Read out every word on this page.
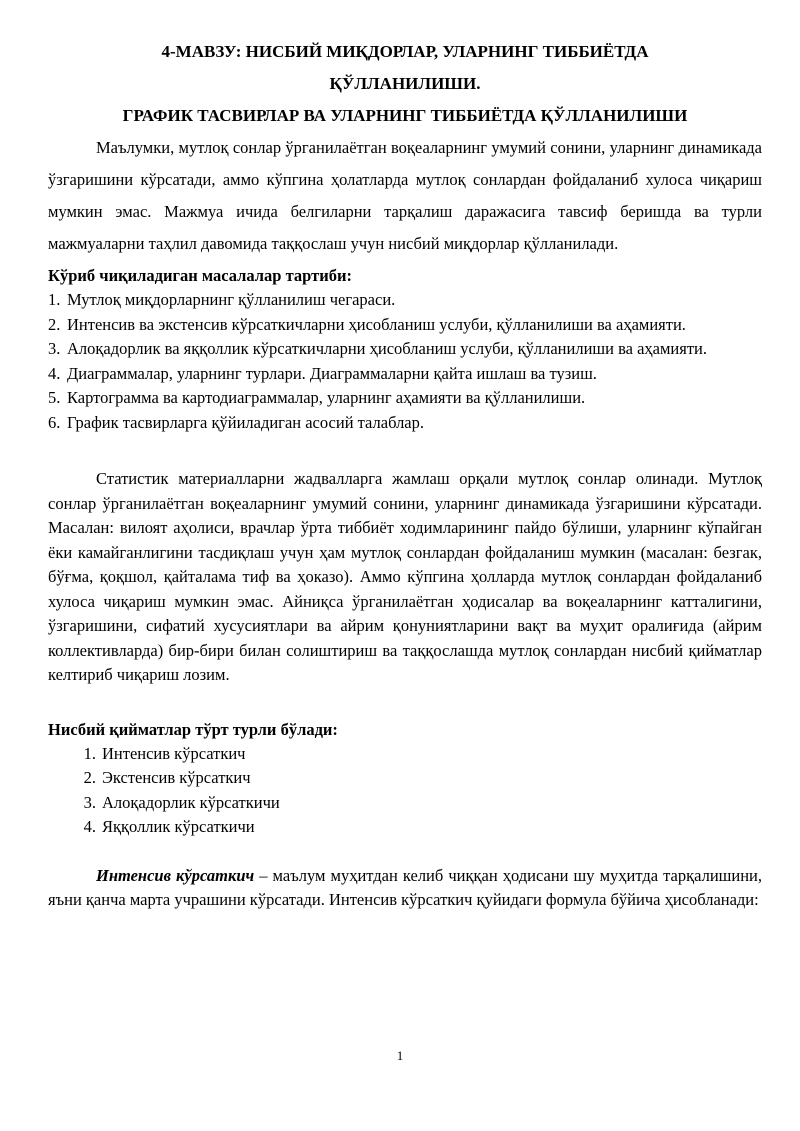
4-МАВЗУ: НИСБИЙ МИҚДОРЛАР, УЛАРНИНГ ТИББИЁТДА

ҚЎЛЛАНИЛИШИ.

ГРАФИК ТАСВИРЛАР ВА УЛАРНИНГ ТИББИЁТДА ҚЎЛЛАНИЛИШИ

Маълумки, мутлоқ сонлар ўрганилаётган воқеаларнинг умумий сонини, уларнинг динамикада ўзгаришини кўрсатади, аммо кўпгина ҳолатларда мутлоқ сонлардан фойдаланиб хулоса чиқариш мумкин эмас. Мажмуа ичида белгиларни тарқалиш даражасига тавсиф беришда ва турли мажмуаларни таҳлил давомида таққослаш учун нисбий миқдорлар қўлланилади.

Кўриб чиқиладиган масалалар тартиби:

1. Мутлоқ миқдорларнинг қўлланилиш чегараси.
2. Интенсив ва экстенсив кўрсаткичларни ҳисобланиш услуби, қўлланилиши ва аҳамияти.
3. Алоқадорлик ва яққоллик кўрсаткичларни ҳисобланиш услуби, қўлланилиши ва аҳамияти.
4. Диаграммалар, уларнинг турлари. Диаграммаларни қайта ишлаш ва тузиш.
5. Картограмма ва картодиаграммалар, уларнинг аҳамияти ва қўлланилиши.
6. График тасвирларга қўйиладиган асосий талаблар.

Статистик материалларни жадвалларга жамлаш орқали мутлоқ сонлар олинади. Мутлоқ сонлар ўрганилаётган воқеаларнинг умумий сонини, уларнинг динамикада ўзгаришини кўрсатади. Масалан: вилоят аҳолиси, врачлар ўрта тиббиёт ходимларининг пайдо бўлиши, уларнинг кўпайган ёки камайганлигини тасдиқлаш учун ҳам мутлоқ сонлардан фойдаланиш мумкин (масалан: безгак, бўғма, қоқшол, қайталама тиф ва ҳоказо). Аммо кўпгина ҳолларда мутлоқ сонлардан фойдаланиб хулоса чиқариш мумкин эмас. Айниқса ўрганилаётган ҳодисалар ва воқеаларнинг катталигини, ўзгаришини, сифатий хусусиятлари ва айрим қонуниятларини вақт ва муҳит оралиғида (айрим коллективларда) бир-бири билан солиштириш ва таққослашда мутлоқ сонлардан нисбий қийматлар келтириб чиқариш лозим.

Нисбий қийматлар тўрт турли бўлади:

1. Интенсив кўрсаткич
2. Экстенсив кўрсаткич
3. Алоқадорлик кўрсаткичи
4. Яққоллик кўрсаткичи

Интенсив кўрсаткич – маълум муҳитдан келиб чиққан ҳодисани шу муҳитда тарқалишини, яъни қанча марта учрашини кўрсатади. Интенсив кўрсаткич қуйидаги формула бўйича ҳисобланади:

1
